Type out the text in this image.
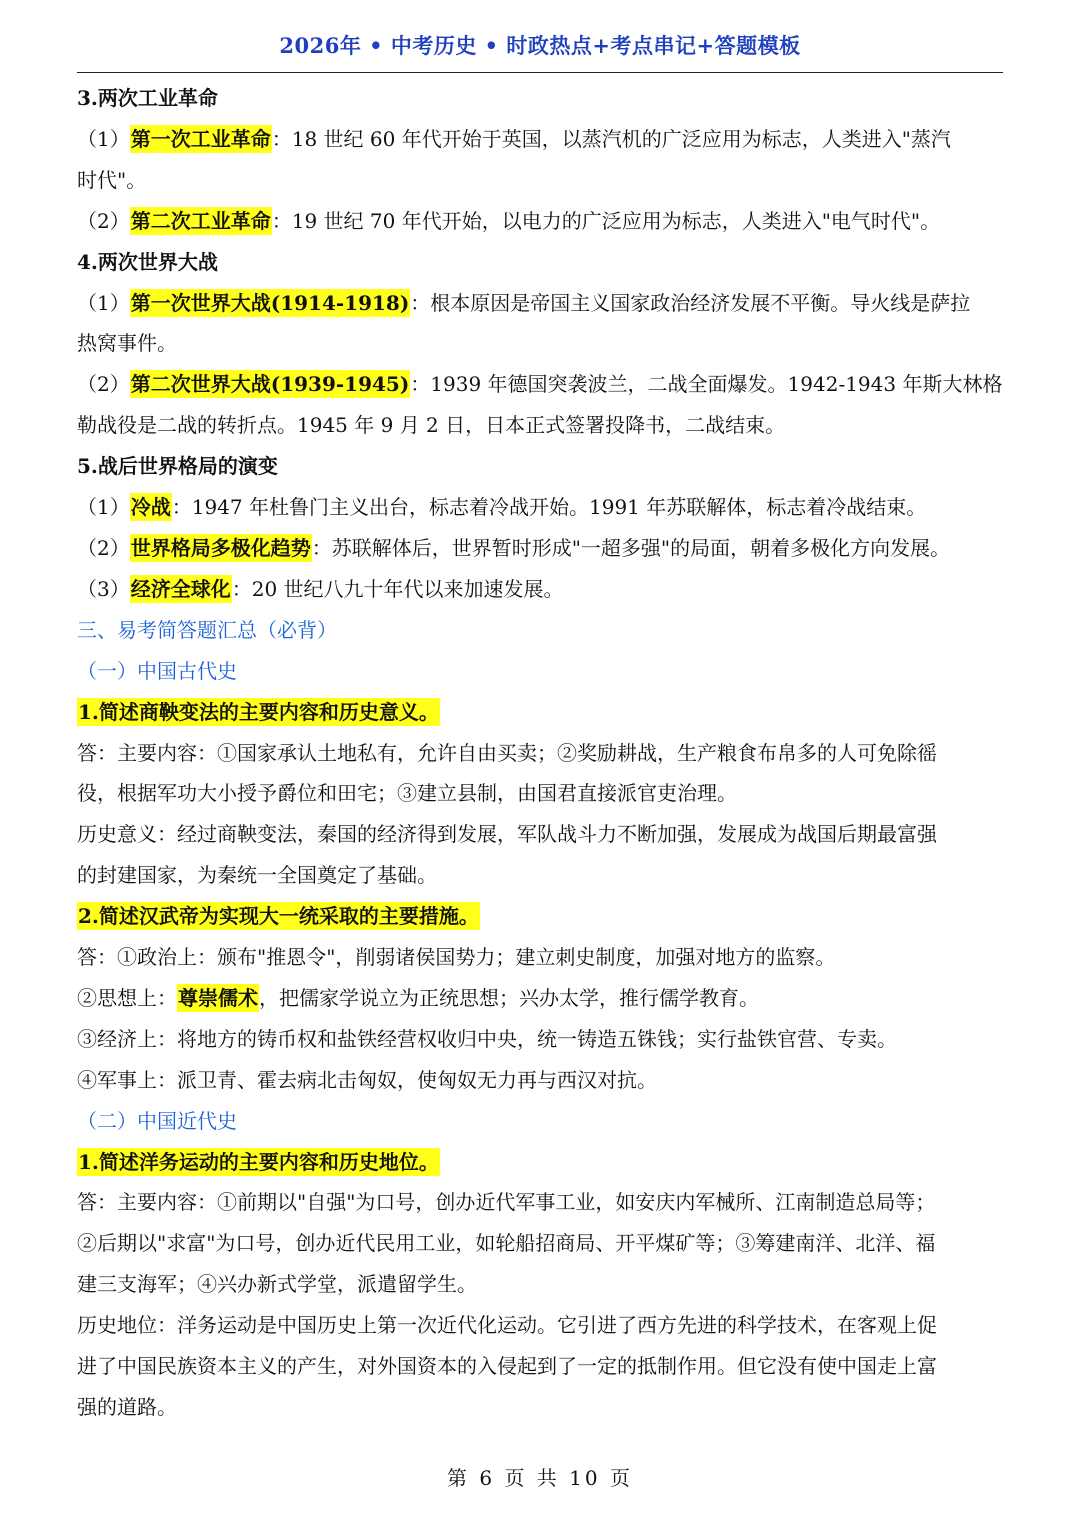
2026年 • 中考历史 • 时政热点+考点串记+答题模板
3.两次工业革命
（1）第一次工业革命：18 世纪 60 年代开始于英国，以蒸汽机的广泛应用为标志，人类进入"蒸汽
时代"。
（2）第二次工业革命：19 世纪 70 年代开始，以电力的广泛应用为标志，人类进入"电气时代"。
4.两次世界大战
（1）第一次世界大战(1914-1918)：根本原因是帝国主义国家政治经济发展不平衡。导火线是萨拉
热窝事件。
（2）第二次世界大战(1939-1945)：1939 年德国突袭波兰，二战全面爆发。1942-1943 年斯大林格
勒战役是二战的转折点。1945 年 9 月 2 日，日本正式签署投降书，二战结束。
5.战后世界格局的演变
（1）冷战：1947 年杜鲁门主义出台，标志着冷战开始。1991 年苏联解体，标志着冷战结束。
（2）世界格局多极化趋势：苏联解体后，世界暂时形成"一超多强"的局面，朝着多极化方向发展。
（3）经济全球化：20 世纪八九十年代以来加速发展。
三、易考简答题汇总（必背）
（一）中国古代史
1.简述商鞅变法的主要内容和历史意义。
答：主要内容：①国家承认土地私有，允许自由买卖；②奖励耕战，生产粮食布帛多的人可免除徭
役，根据军功大小授予爵位和田宅；③建立县制，由国君直接派官吏治理。
历史意义：经过商鞅变法，秦国的经济得到发展，军队战斗力不断加强，发展成为战国后期最富强
的封建国家，为秦统一全国奠定了基础。
2.简述汉武帝为实现大一统采取的主要措施。
答：①政治上：颁布"推恩令"，削弱诸侯国势力；建立刺史制度，加强对地方的监察。
②思想上：尊崇儒术，把儒家学说立为正统思想；兴办太学，推行儒学教育。
③经济上：将地方的铸币权和盐铁经营权收归中央，统一铸造五铢钱；实行盐铁官营、专卖。
④军事上：派卫青、霍去病北击匈奴，使匈奴无力再与西汉对抗。
（二）中国近代史
1.简述洋务运动的主要内容和历史地位。
答：主要内容：①前期以"自强"为口号，创办近代军事工业，如安庆内军械所、江南制造总局等；
②后期以"求富"为口号，创办近代民用工业，如轮船招商局、开平煤矿等；③筹建南洋、北洋、福
建三支海军；④兴办新式学堂，派遣留学生。
历史地位：洋务运动是中国历史上第一次近代化运动。它引进了西方先进的科学技术，在客观上促
进了中国民族资本主义的产生，对外国资本的入侵起到了一定的抵制作用。但它没有使中国走上富
强的道路。
第 6 页 共 10 页
